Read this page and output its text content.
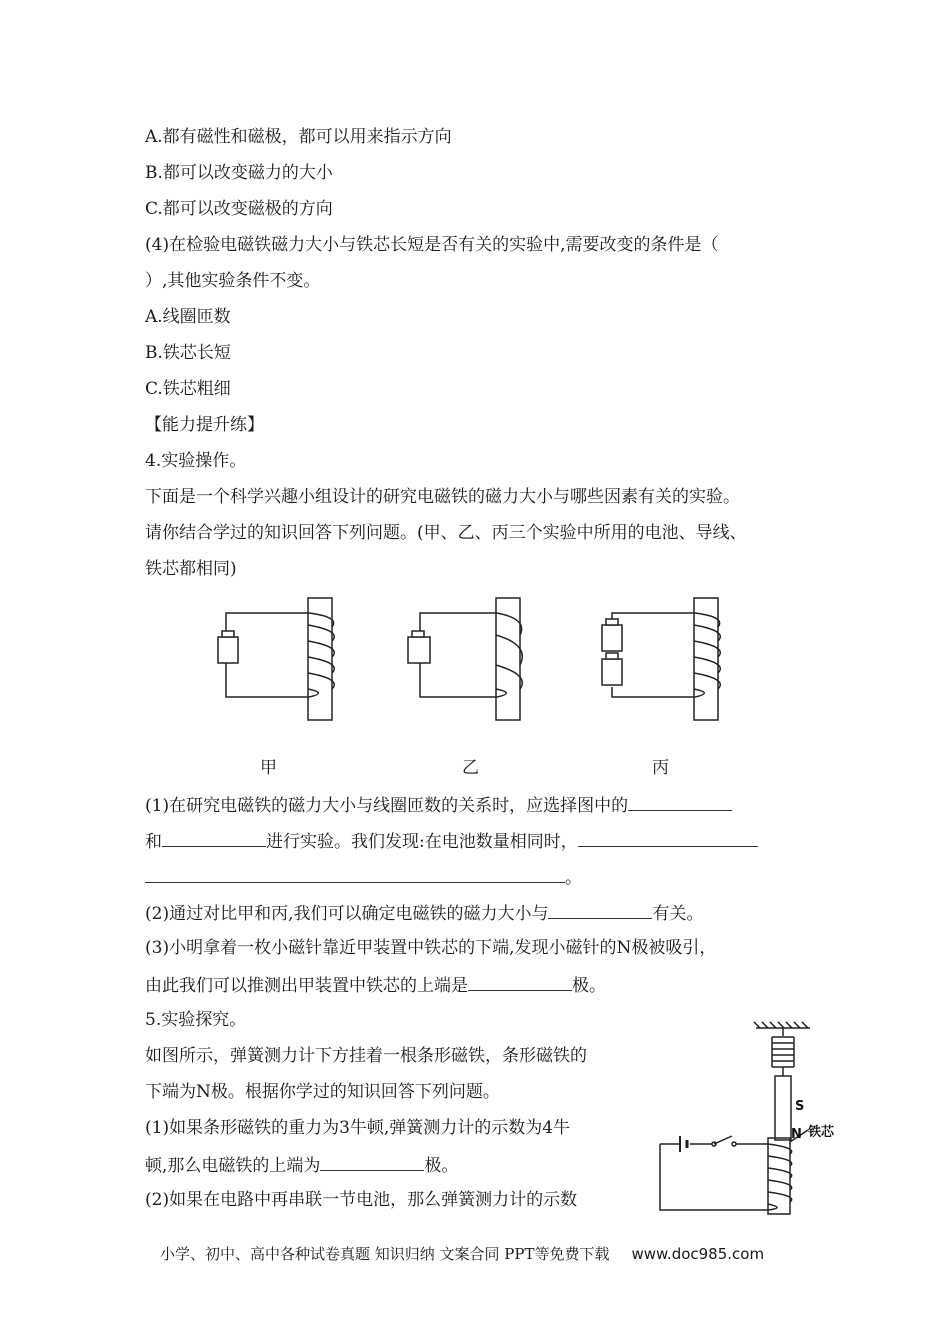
A.都有磁性和磁极，都可以用来指示方向
B.都可以改变磁力的大小
C.都可以改变磁极的方向
(4)在检验电磁铁磁力大小与铁芯长短是否有关的实验中,需要改变的条件是（
）,其他实验条件不变。
A.线圈匝数
B.铁芯长短
C.铁芯粗细
【能力提升练】
4.实验操作。
下面是一个科学兴趣小组设计的研究电磁铁的磁力大小与哪些因素有关的实验。
请你结合学过的知识回答下列问题。(甲、乙、丙三个实验中所用的电池、导线、
铁芯都相同)
甲	乙	丙
(1)在研究电磁铁的磁力大小与线圈匝数的关系时，应选择图中的
和	进行实验。我们发现:在电池数量相同时，
。
(2)通过对比甲和丙,我们可以确定电磁铁的磁力大小与	有关。
(3)小明拿着一枚小磁针靠近甲装置中铁芯的下端,发现小磁针的N极被吸引，
由此我们可以推测出甲装置中铁芯的上端是	极。
5.实验探究。
如图所示，弹簧测力计下方挂着一根条形磁铁，条形磁铁的
下端为N极。根据你学过的知识回答下列问题。
(1)如果条形磁铁的重力为3牛顿,弹簧测力计的示数为4牛
顿,那么电磁铁的上端为	极。
(2)如果在电路中再串联一节电池，那么弹簧测力计的示数
S
N 铁芯
小学、初中、高中各种试卷真题 知识归纳 文案合同 PPT等免费下载 www.doc985.com
